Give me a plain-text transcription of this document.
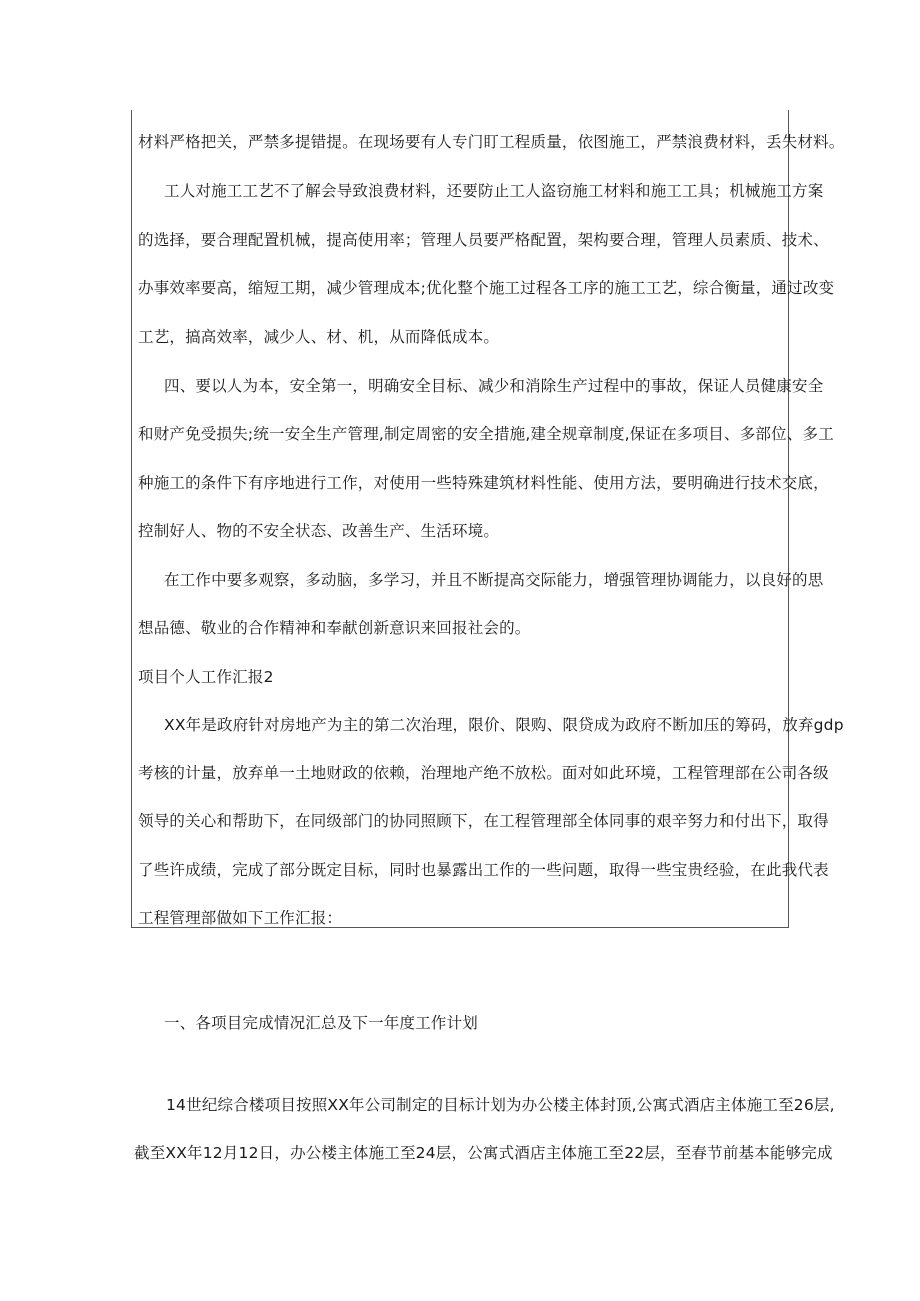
材料严格把关，严禁多提错提。在现场要有人专门盯工程质量，依图施工，严禁浪费材料，丢失材料。
工人对施工工艺不了解会导致浪费材料，还要防止工人盗窃施工材料和施工工具；机械施工方案
的选择，要合理配置机械，提高使用率；管理人员要严格配置，架构要合理，管理人员素质、技术、
办事效率要高，缩短工期，减少管理成本;优化整个施工过程各工序的施工工艺，综合衡量，通过改变
工艺，搞高效率，减少人、材、机，从而降低成本。
四、要以人为本，安全第一，明确安全目标、减少和消除生产过程中的事故，保证人员健康安全
和财产免受损失;统一安全生产管理,制定周密的安全措施,建全规章制度,保证在多项目、多部位、多工
种施工的条件下有序地进行工作，对使用一些特殊建筑材料性能、使用方法，要明确进行技术交底，
控制好人、物的不安全状态、改善生产、生活环境。
在工作中要多观察，多动脑，多学习，并且不断提高交际能力，增强管理协调能力，以良好的思
想品德、敬业的合作精神和奉献创新意识来回报社会的。
项目个人工作汇报2
XX年是政府针对房地产为主的第二次治理，限价、限购、限贷成为政府不断加压的筹码，放弃gdp
考核的计量，放弃单一土地财政的依赖，治理地产绝不放松。面对如此环境，工程管理部在公司各级
领导的关心和帮助下，在同级部门的协同照顾下，在工程管理部全体同事的艰辛努力和付出下，取得
了些许成绩，完成了部分既定目标，同时也暴露出工作的一些问题，取得一些宝贵经验，在此我代表
工程管理部做如下工作汇报：
一、各项目完成情况汇总及下一年度工作计划
14世纪综合楼项目按照XX年公司制定的目标计划为办公楼主体封顶,公寓式酒店主体施工至26层,
截至XX年12月12日，办公楼主体施工至24层，公寓式酒店主体施工至22层，至春节前基本能够完成
